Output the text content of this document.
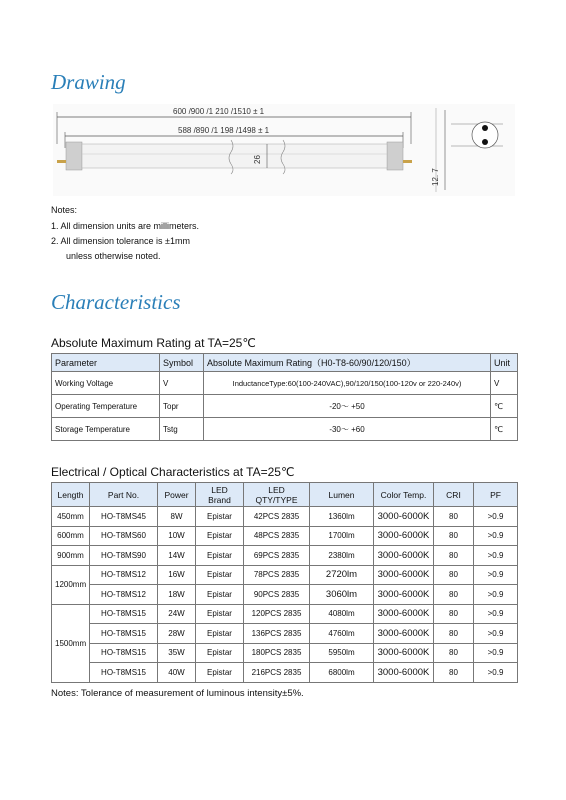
Drawing
600 /900 /1 210 /1510 ± 1
588 /890 /1 198 /1498 ± 1
26
12. 7
Notes:
1. All dimension units are millimeters.
2. All dimension tolerance is ±1mm
unless otherwise noted.
Characteristics
Absolute Maximum Rating at TA=25℃
Parameter	Symbol	Absolute Maximum Rating（H0-T8-60/90/120/150）	Unit
Working Voltage	V	InductanceType:60(100-240VAC),90/120/150(100-120v or 220-240v)	V
Operating Temperature	Topr	-20～ +50	℃
Storage Temperature	Tstg	-30～ +60	℃
Electrical / Optical Characteristics at TA=25℃
Length	Part No.	Power	LED Brand	LED QTY/TYPE	Lumen	Color Temp.	CRI	PF
450mm	HO-T8MS45	8W	Epistar	42PCS 2835	1360lm	3000-6000K	80	>0.9
600mm	HO-T8MS60	10W	Epistar	48PCS 2835	1700lm	3000-6000K	80	>0.9
900mm	HO-T8MS90	14W	Epistar	69PCS 2835	2380lm	3000-6000K	80	>0.9
1200mm	HO-T8MS12	16W	Epistar	78PCS 2835	2720lm	3000-6000K	80	>0.9
	HO-T8MS12	18W	Epistar	90PCS 2835	3060lm	3000-6000K	80	>0.9
1500mm	HO-T8MS15	24W	Epistar	120PCS 2835	4080lm	3000-6000K	80	>0.9
	HO-T8MS15	28W	Epistar	136PCS 2835	4760lm	3000-6000K	80	>0.9
	HO-T8MS15	35W	Epistar	180PCS 2835	5950lm	3000-6000K	80	>0.9
	HO-T8MS15	40W	Epistar	216PCS 2835	6800lm	3000-6000K	80	>0.9
Notes: Tolerance of measurement of luminous intensity±5%.
